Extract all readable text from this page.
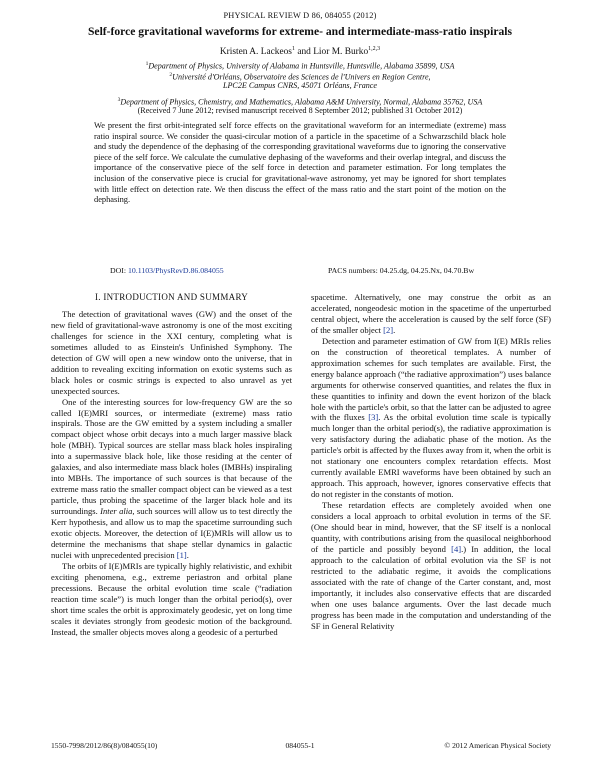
PHYSICAL REVIEW D 86, 084055 (2012)
Self-force gravitational waveforms for extreme- and intermediate-mass-ratio inspirals
Kristen A. Lackeos$^1$ and Lior M. Burko$^{1,2,3}$
$^1$Department of Physics, University of Alabama in Huntsville, Huntsville, Alabama 35899, USA
$^2$Université d'Orléans, Observatoire des Sciences de l'Univers en Region Centre,
LPC2E Campus CNRS, 45071 Orléans, France
$^3$Department of Physics, Chemistry, and Mathematics, Alabama A&M University, Normal, Alabama 35762, USA
(Received 7 June 2012; revised manuscript received 8 September 2012; published 31 October 2012)
We present the first orbit-integrated self force effects on the gravitational waveform for an intermediate (extreme) mass ratio inspiral source. We consider the quasi-circular motion of a particle in the spacetime of a Schwarzschild black hole and study the dependence of the dephasing of the corresponding gravitational waveforms due to ignoring the conservative piece of the self force. We calculate the cumulative dephasing of the waveforms and their overlap integral, and discuss the importance of the conservative piece of the self force in detection and parameter estimation. For long templates the inclusion of the conservative piece is crucial for gravitational-wave astronomy, yet may be ignored for short templates with little effect on detection rate. We then discuss the effect of the mass ratio and the start point of the motion on the dephasing.
DOI: 10.1103/PhysRevD.86.084055	PACS numbers: 04.25.dg, 04.25.Nx, 04.70.Bw
I. INTRODUCTION AND SUMMARY

The detection of gravitational waves (GW) and the onset of the new field of gravitational-wave astronomy is one of the most exciting challenges for science in the XXI century, completing what is sometimes alluded to as Einstein's Unfinished Symphony. The detection of GW will open a new window onto the universe, that in addition to revealing exciting information on exotic systems such as black holes or cosmic strings is expected to also unravel as yet unexpected sources.

One of the interesting sources for low-frequency GW are the so called I(E)MRI sources, or intermediate (extreme) mass ratio inspirals. Those are the GW emitted by a system including a smaller compact object whose orbit decays into a much larger massive black hole (MBH). Typical sources are stellar mass black holes inspiraling into a supermassive black hole, like those residing at the center of galaxies, and also intermediate mass black holes (IMBHs) inspiraling into MBHs. The importance of such sources is that because of the extreme mass ratio the smaller compact object can be viewed as a test particle, thus probing the spacetime of the larger black hole and its surroundings. Inter alia, such sources will allow us to test directly the Kerr hypothesis, and allow us to map the spacetime surrounding such exotic objects. Moreover, the detection of I(E)MRIs will allow us to determine the mechanisms that shape stellar dynamics in galactic nuclei with unprecedented precision [1].

The orbits of I(E)MRIs are typically highly relativistic, and exhibit exciting phenomena, e.g., extreme periastron and orbital plane precessions. Because the orbital evolution time scale (“radiation reaction time scale”) is much longer than the orbital period(s), over short time scales the orbit is approximately geodesic, yet on long time scales it deviates strongly from geodesic motion of the background. Instead, the smaller objects moves along a geodesic of a perturbed

spacetime. Alternatively, one may construe the orbit as an accelerated, nongeodesic motion in the spacetime of the unperturbed central object, where the acceleration is caused by the self force (SF) of the smaller object [2].

Detection and parameter estimation of GW from I(E) MRIs relies on the construction of theoretical templates. A number of approximation schemes for such templates are available. First, the energy balance approach (“the radiative approximation”) uses balance arguments for otherwise conserved quantities, and relates the flux in these quantities to infinity and down the event horizon of the black hole with the particle's orbit, so that the latter can be adjusted to agree with the fluxes [3]. As the orbital evolution time scale is typically much longer than the orbital period(s), the radiative approximation is very satisfactory during the adiabatic phase of the motion. As the particle's orbit is affected by the fluxes away from it, when the orbit is not stationary one encounters complex retardation effects. Most currently available EMRI waveforms have been obtained by such an approach. This approach, however, ignores conservative effects that do not register in the constants of motion.

These retardation effects are completely avoided when one considers a local approach to orbital evolution in terms of the SF. (One should bear in mind, however, that the SF itself is a nonlocal quantity, with contributions arising from the quasilocal neighborhood of the particle and possibly beyond [4].) In addition, the local approach to the calculation of orbital evolution via the SF is not restricted to the adiabatic regime, it avoids the complications associated with the rate of change of the Carter constant, and, most importantly, it includes also conservative effects that are discarded when one uses balance arguments. Over the last decade much progress has been made in the computation and understanding of the SF in General Relativity

1550-7998/2012/86(8)/084055(10)	084055-1	© 2012 American Physical Society
